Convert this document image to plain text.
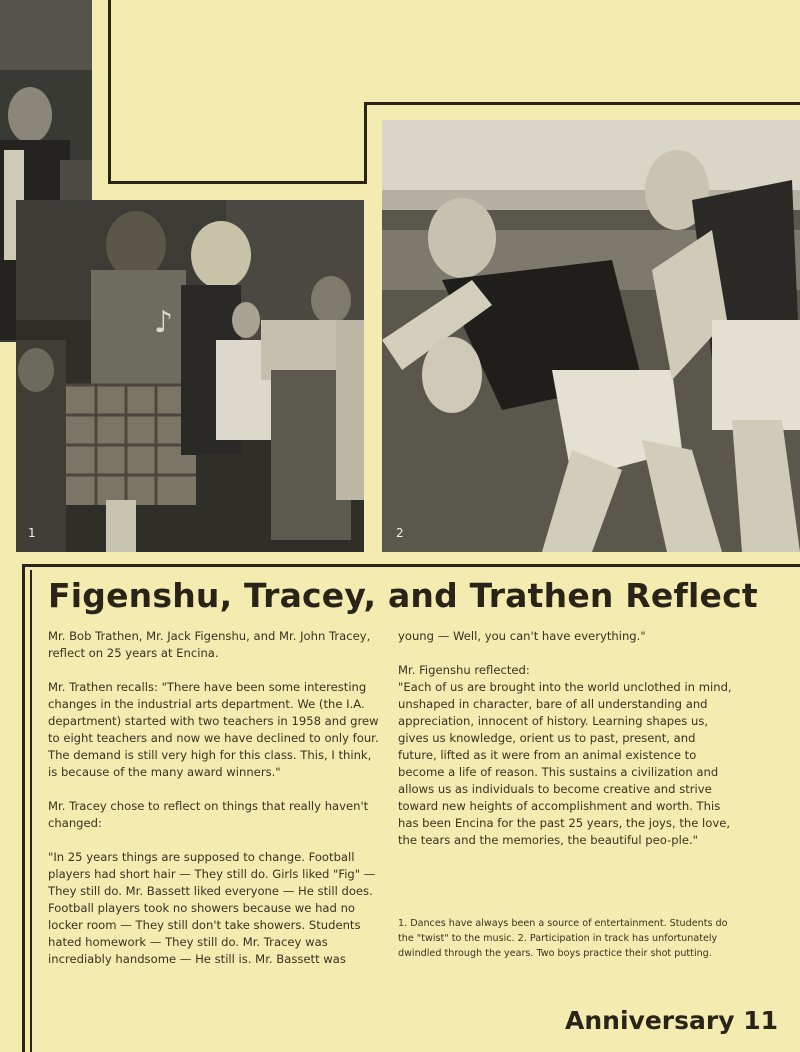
♪
1	2
Figenshu, Tracey, and Trathen Reflect

Mr. Bob Trathen, Mr. Jack Figenshu, and Mr. John Tracey, reflect on 25 years at Encina.

Mr. Trathen recalls: "There have been some interesting changes in the industrial arts department. We (the I.A. department) started with two teachers in 1958 and grew to eight teachers and now we have declined to only four. The demand is still very high for this class. This, I think, is because of the many award winners."

Mr. Tracey chose to reflect on things that really haven't changed:

"In 25 years things are supposed to change. Football players had short hair — They still do. Girls liked "Fig" — They still do. Mr. Bassett liked everyone — He still does. Football players took no showers because we had no locker room — They still don't take showers. Students hated homework — They still do. Mr. Tracey was incrediably handsome — He still is. Mr. Bassett was

young — Well, you can't have everything."

Mr. Figenshu reflected:

"Each of us are brought into the world unclothed in mind, unshaped in character, bare of all understanding and appreciation, innocent of history. Learning shapes us, gives us knowledge, orient us to past, present, and future, lifted as it were from an animal existence to become a life of reason. This sustains a civilization and allows us as individuals to become creative and strive toward new heights of accomplishment and worth. This has been Encina for the past 25 years, the joys, the love, the tears and the memories, the beautiful peo-ple."

1. Dances have always been a source of entertainment. Students do the "twist" to the music. 2. Participation in track has unfortunately dwindled through the years. Two boys practice their shot putting.
Anniversary 11
